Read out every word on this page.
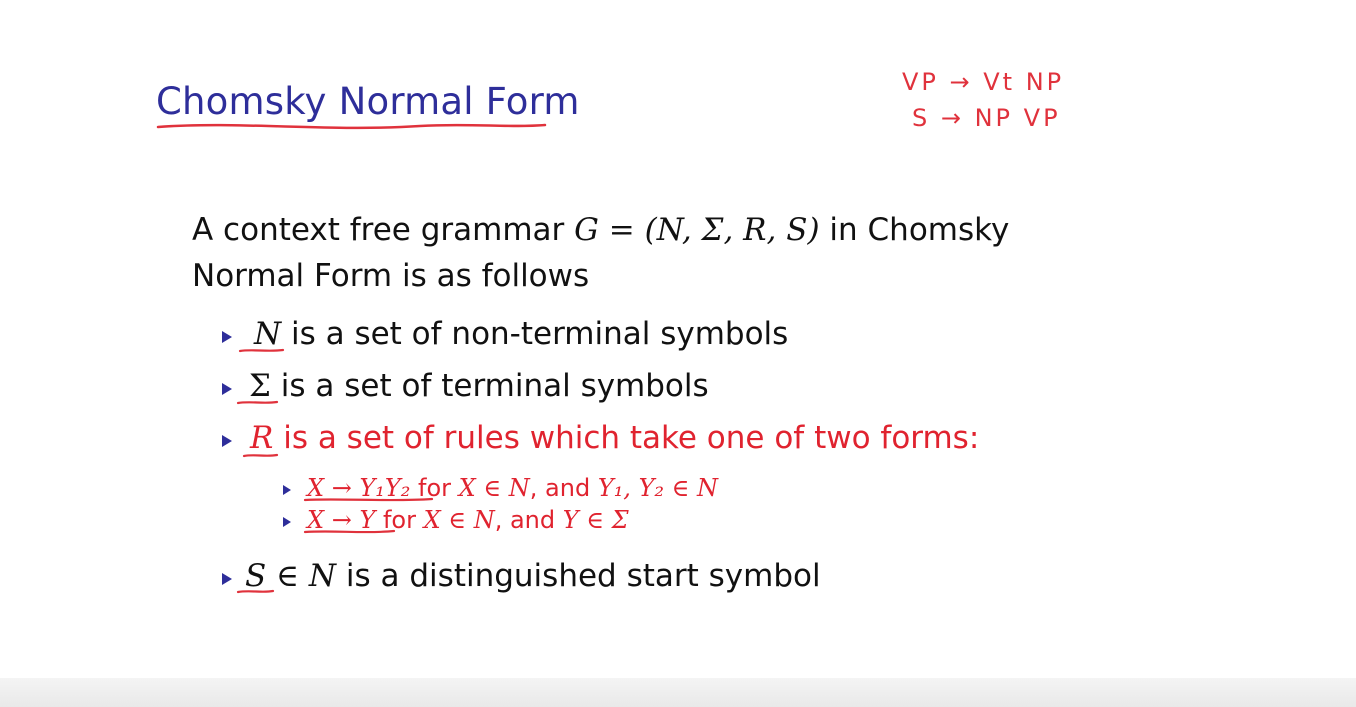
Chomsky Normal Form	VP → Vt NP
S → NP VP
A context free grammar G = (N, Σ, R, S) in Chomsky
Normal Form is as follows
N is a set of non-terminal symbols
Σ is a set of terminal symbols
R is a set of rules which take one of two forms:
X → Y₁Y₂ for X ∈ N, and Y₁, Y₂ ∈ N
X → Y for X ∈ N, and Y ∈ Σ
S ∈ N is a distinguished start symbol
